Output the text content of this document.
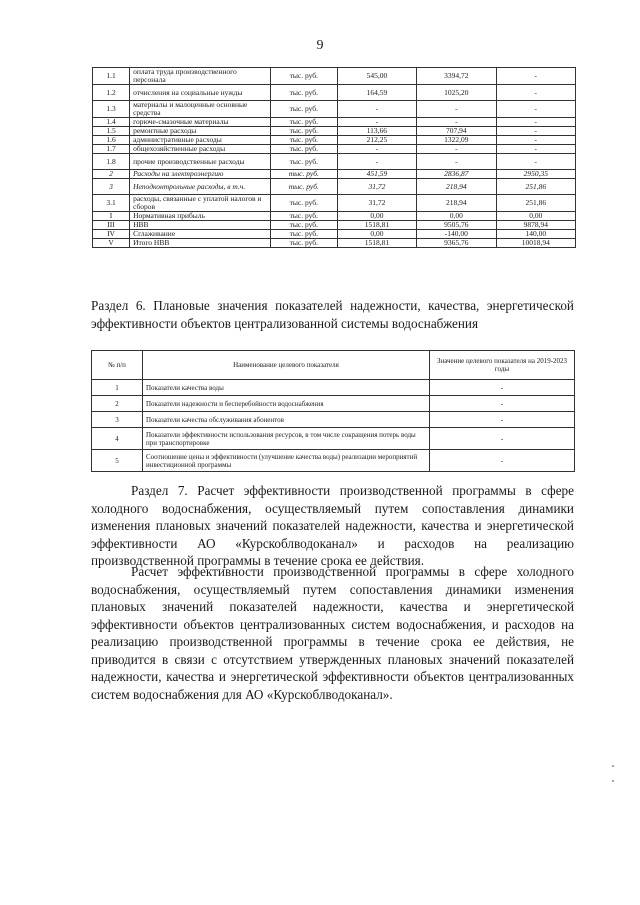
9
1.1	оплата труда производственного персонала	тыс. руб.	545,00	3394,72	-
1.2	отчисления на социальные нужды	тыс. руб.	164,59	1025,20	-
1.3	материалы и малоценные основные средства	тыс. руб.	-	-	-
1.4	горюче-смазочные материалы	тыс. руб.	-	-	-
1.5	ремонтные расходы	тыс. руб.	113,66	707,94	-
1.6	административные расходы	тыс. руб.	212,25	1322,09	-
1.7	общехозяйственные расходы	тыс. руб.	-	-	-
1.8	прочие производственные расходы	тыс. руб.	-	-	-
2	Расходы на электроэнергию	тыс. руб.	451,59	2836,87	2950,35
3	Неподконтрольные расходы, в т.ч.	тыс. руб.	31,72	218,94	251,86
3.1	расходы, связанные с уплатой налогов и сборов	тыс. руб.	31,72	218,94	251,86
I	Нормативная прибыль	тыс. руб.	0,00	0,00	0,00
III	НВВ	тыс. руб.	1518,81	9505,76	9878,94
IV	Сглаживание	тыс. руб.	0,00	-140,00	140,00
V	Итого НВВ	тыс. руб.	1518,81	9365,76	10018,94
Раздел 6. Плановые значения показателей надежности, качества, энергетической эффективности объектов централизованной системы водоснабжения
№ п/п	Наименование целевого показателя	Значение целевого показателя на 2019-2023 годы
1	Показатели качества воды	-
2	Показатели надежности и бесперебойности водоснабжения	-
3	Показатели качества обслуживания абонентов	-
4	Показатели эффективности использования ресурсов, в том числе сокращения потерь воды при транспортировке	-
5	Соотношение цены и эффективности (улучшение качества воды) реализации мероприятий инвестиционной программы	-
Раздел 7. Расчет эффективности производственной программы в сфере холодного водоснабжения, осуществляемый путем сопоставления динамики изменения плановых значений показателей надежности, качества и энергетической эффективности АО «Курскоблводоканал» и расходов на реализацию производственной программы в течение срока ее действия.
Расчет эффективности производственной программы в сфере холодного водоснабжения, осуществляемый путем сопоставления динамики изменения плановых значений показателей надежности, качества и энергетической эффективности объектов централизованных систем водоснабжения, и расходов на реализацию производственной программы в течение срока ее действия, не приводится в связи с отсутствием утвержденных плановых значений показателей надежности, качества и энергетической эффективности объектов централизованных систем водоснабжения для АО «Курскоблводоканал».
